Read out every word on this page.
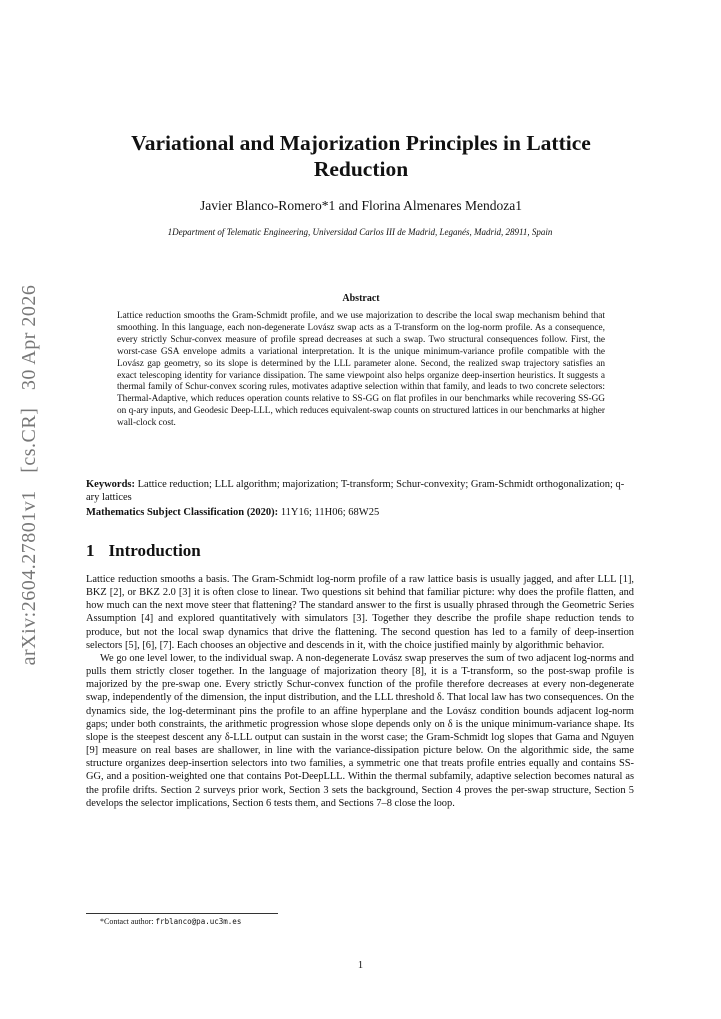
arXiv:2604.27801v1 [cs.CR] 30 Apr 2026
Variational and Majorization Principles in Lattice Reduction
Javier Blanco-Romero*1 and Florina Almenares Mendoza1
1Department of Telematic Engineering, Universidad Carlos III de Madrid, Leganés, Madrid, 28911, Spain
Abstract
Lattice reduction smooths the Gram-Schmidt profile, and we use majorization to describe the local swap mechanism behind that smoothing. In this language, each non-degenerate Lovász swap acts as a T-transform on the log-norm profile. As a consequence, every strictly Schur-convex measure of profile spread decreases at such a swap. Two structural consequences follow. First, the worst-case GSA envelope admits a variational interpretation. It is the unique minimum-variance profile compatible with the Lovász gap geometry, so its slope is determined by the LLL parameter alone. Second, the realized swap trajectory satisfies an exact telescoping identity for variance dissipation. The same viewpoint also helps organize deep-insertion heuristics. It suggests a thermal family of Schur-convex scoring rules, motivates adaptive selection within that family, and leads to two concrete selectors: Thermal-Adaptive, which reduces operation counts relative to SS-GG on flat profiles in our benchmarks while recovering SS-GG on q-ary inputs, and Geodesic Deep-LLL, which reduces equivalent-swap counts on structured lattices in our benchmarks at higher wall-clock cost.
Keywords: Lattice reduction; LLL algorithm; majorization; T-transform; Schur-convexity; Gram-Schmidt orthogonalization; q-ary lattices
Mathematics Subject Classification (2020): 11Y16; 11H06; 68W25
1 Introduction

Lattice reduction smooths a basis. The Gram-Schmidt log-norm profile of a raw lattice basis is usually jagged, and after LLL [1], BKZ [2], or BKZ 2.0 [3] it is often close to linear. Two questions sit behind that familiar picture: why does the profile flatten, and how much can the next move steer that flattening? The standard answer to the first is usually phrased through the Geometric Series Assumption [4] and explored quantitatively with simulators [3]. Together they describe the profile shape reduction tends to produce, but not the local swap dynamics that drive the flattening. The second question has led to a family of deep-insertion selectors [5], [6], [7]. Each chooses an objective and descends in it, with the choice justified mainly by algorithmic behavior.

We go one level lower, to the individual swap. A non-degenerate Lovász swap preserves the sum of two adjacent log-norms and pulls them strictly closer together. In the language of majorization theory [8], it is a T-transform, so the post-swap profile is majorized by the pre-swap one. Every strictly Schur-convex function of the profile therefore decreases at every non-degenerate swap, independently of the dimension, the input distribution, and the LLL threshold δ. That local law has two consequences. On the dynamics side, the log-determinant pins the profile to an affine hyperplane and the Lovász condition bounds adjacent log-norm gaps; under both constraints, the arithmetic progression whose slope depends only on δ is the unique minimum-variance shape. Its slope is the steepest descent any δ-LLL output can sustain in the worst case; the Gram-Schmidt log slopes that Gama and Nguyen [9] measure on real bases are shallower, in line with the variance-dissipation picture below. On the algorithmic side, the same structure organizes deep-insertion selectors into two families, a symmetric one that treats profile entries equally and contains SS-GG, and a position-weighted one that contains Pot-DeepLLL. Within the thermal subfamily, adaptive selection becomes natural as the profile drifts. Section 2 surveys prior work, Section 3 sets the background, Section 4 proves the per-swap structure, Section 5 develops the selector implications, Section 6 tests them, and Sections 7–8 close the loop.

*Contact author: frblanco@pa.uc3m.es
1
